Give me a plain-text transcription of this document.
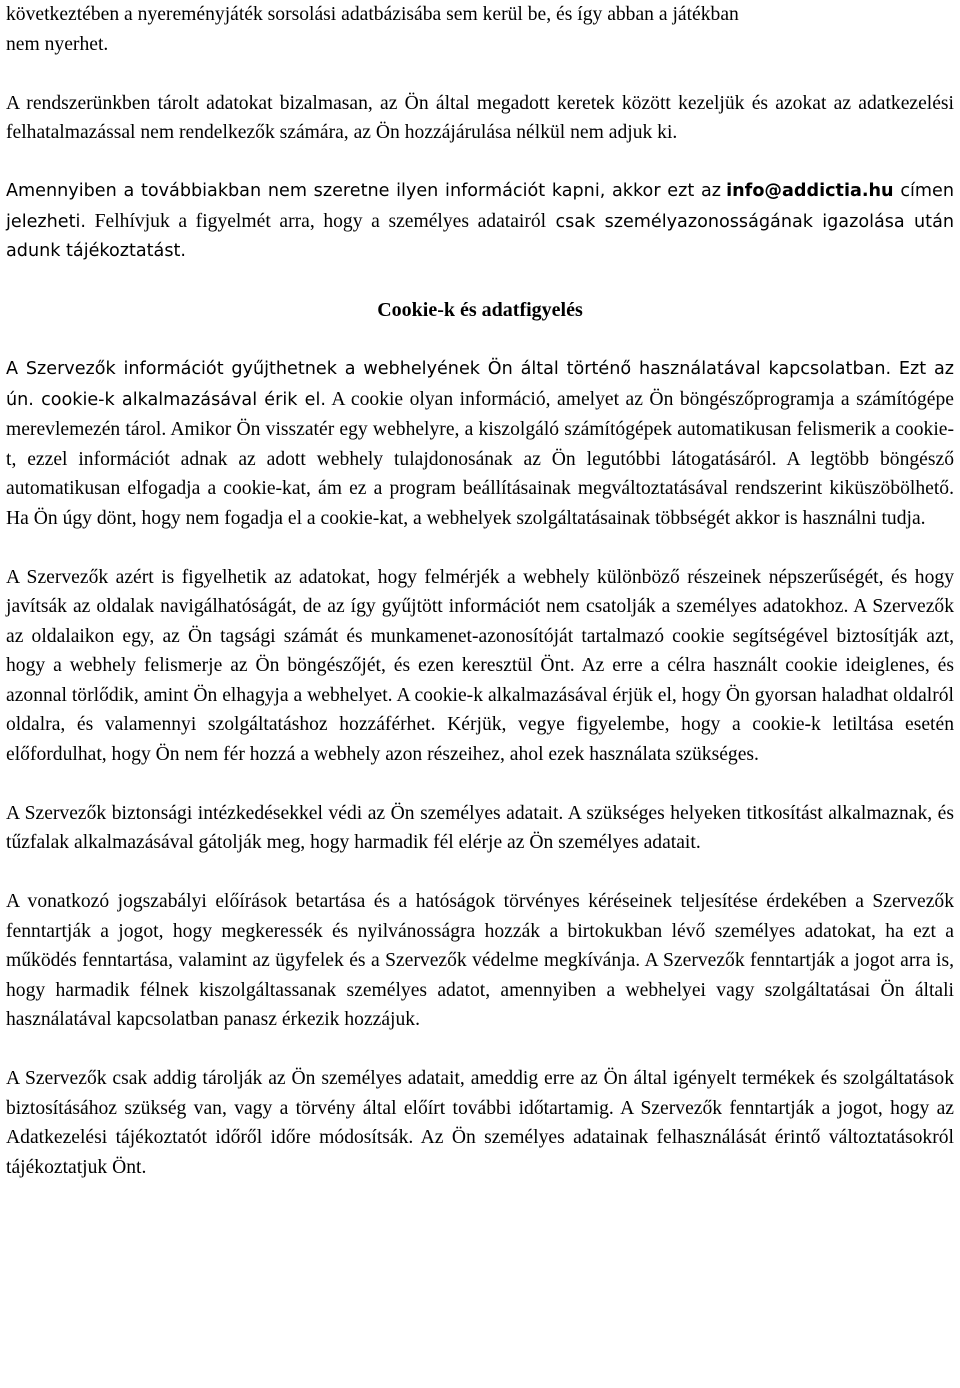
következtében a nyereményjáték sorsolási adatbázisába sem kerül be, és így abban a játékban
nem nyerhet.

A rendszerünkben tárolt adatokat bizalmasan, az Ön által megadott keretek között kezeljük és azokat az adatkezelési felhatalmazással nem rendelkezők számára, az Ön hozzájárulása nélkül nem adjuk ki.

Amennyiben a továbbiakban nem szeretne ilyen információt kapni, akkor ezt az info@addictia.hu címen jelezheti. Felhívjuk a figyelmét arra, hogy a személyes adatairól csak személyazonosságának igazolása után adunk tájékoztatást.

Cookie-k és adatfigyelés

A Szervezők információt gyűjthetnek a webhelyének Ön által történő használatával kapcsolatban. Ezt az ún. cookie-k alkalmazásával érik el. A cookie olyan információ, amelyet az Ön böngészőprogramja a számítógépe merevlemezén tárol. Amikor Ön visszatér egy webhelyre, a kiszolgáló számítógépek automatikusan felismerik a cookie-t, ezzel információt adnak az adott webhely tulajdonosának az Ön legutóbbi látogatásáról. A legtöbb böngésző automatikusan elfogadja a cookie-kat, ám ez a program beállításainak megváltoztatásával rendszerint kiküszöbölhető. Ha Ön úgy dönt, hogy nem fogadja el a cookie-kat, a webhelyek szolgáltatásainak többségét akkor is használni tudja.

A Szervezők azért is figyelhetik az adatokat, hogy felmérjék a webhely különböző részeinek népszerűségét, és hogy javítsák az oldalak navigálhatóságát, de az így gyűjtött információt nem csatolják a személyes adatokhoz. A Szervezők az oldalaikon egy, az Ön tagsági számát és munkamenet-azonosítóját tartalmazó cookie segítségével biztosítják azt, hogy a webhely felismerje az Ön böngészőjét, és ezen keresztül Önt. Az erre a célra használt cookie ideiglenes, és azonnal törlődik, amint Ön elhagyja a webhelyet. A cookie-k alkalmazásával érjük el, hogy Ön gyorsan haladhat oldalról oldalra, és valamennyi szolgáltatáshoz hozzáférhet. Kérjük, vegye figyelembe, hogy a cookie-k letiltása esetén előfordulhat, hogy Ön nem fér hozzá a webhely azon részeihez, ahol ezek használata szükséges.

A Szervezők biztonsági intézkedésekkel védi az Ön személyes adatait. A szükséges helyeken titkosítást alkalmaznak, és tűzfalak alkalmazásával gátolják meg, hogy harmadik fél elérje az Ön személyes adatait.

A vonatkozó jogszabályi előírások betartása és a hatóságok törvényes kéréseinek teljesítése érdekében a Szervezők fenntartják a jogot, hogy megkeressék és nyilvánosságra hozzák a birtokukban lévő személyes adatokat, ha ezt a működés fenntartása, valamint az ügyfelek és a Szervezők védelme megkívánja. A Szervezők fenntartják a jogot arra is, hogy harmadik félnek kiszolgáltassanak személyes adatot, amennyiben a webhelyei vagy szolgáltatásai Ön általi használatával kapcsolatban panasz érkezik hozzájuk.

A Szervezők csak addig tárolják az Ön személyes adatait, ameddig erre az Ön által igényelt termékek és szolgáltatások biztosításához szükség van, vagy a törvény által előírt további időtartamig. A Szervezők fenntartják a jogot, hogy az Adatkezelési tájékoztatót időről időre módosítsák. Az Ön személyes adatainak felhasználását érintő változtatásokról tájékoztatjuk Önt.
